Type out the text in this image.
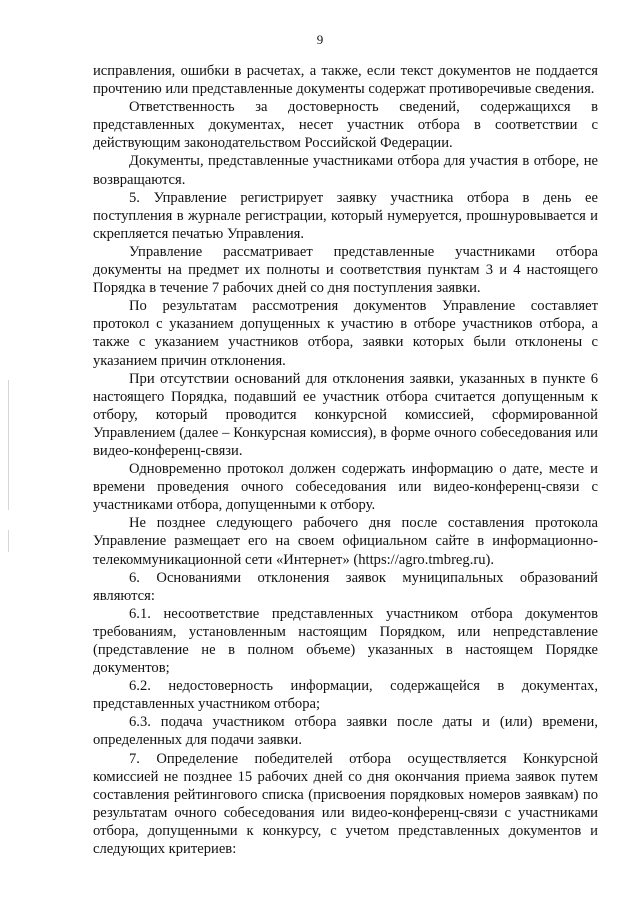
9

исправления, ошибки в расчетах, а также, если текст документов не поддается прочтению или представленные документы содержат противоречивые сведения.

Ответственность за достоверность сведений, содержащихся в представленных документах, несет участник отбора в соответствии с действующим законодательством Российской Федерации.

Документы, представленные участниками отбора для участия в отборе, не возвращаются.

5. Управление регистрирует заявку участника отбора в день ее поступления в журнале регистрации, который нумеруется, прошнуровывается и скрепляется печатью Управления.

Управление рассматривает представленные участниками отбора документы на предмет их полноты и соответствия пунктам 3 и 4 настоящего Порядка в течение 7 рабочих дней со дня поступления заявки.

По результатам рассмотрения документов Управление составляет протокол с указанием допущенных к участию в отборе участников отбора, а также с указанием участников отбора, заявки которых были отклонены с указанием причин отклонения.

При отсутствии оснований для отклонения заявки, указанных в пункте 6 настоящего Порядка, подавший ее участник отбора считается допущенным к отбору, который проводится конкурсной комиссией, сформированной Управлением (далее – Конкурсная комиссия), в форме очного собеседования или видео-конференц-связи.

Одновременно протокол должен содержать информацию о дате, месте и времени проведения очного собеседования или видео-конференц-связи с участниками отбора, допущенными к отбору.

Не позднее следующего рабочего дня после составления протокола Управление размещает его на своем официальном сайте в информационно-телекоммуникационной сети «Интернет» (https://agro.tmbreg.ru).

6. Основаниями отклонения заявок муниципальных образований являются:

6.1. несоответствие представленных участником отбора документов требованиям, установленным настоящим Порядком, или непредставление (представление не в полном объеме) указанных в настоящем Порядке документов;

6.2. недостоверность информации, содержащейся в документах, представленных участником отбора;

6.3. подача участником отбора заявки после даты и (или) времени, определенных для подачи заявки.

7. Определение победителей отбора осуществляется Конкурсной комиссией не позднее 15 рабочих дней со дня окончания приема заявок путем составления рейтингового списка (присвоения порядковых номеров заявкам) по результатам очного собеседования или видео-конференц-связи с участниками отбора, допущенными к конкурсу, с учетом представленных документов и следующих критериев:
